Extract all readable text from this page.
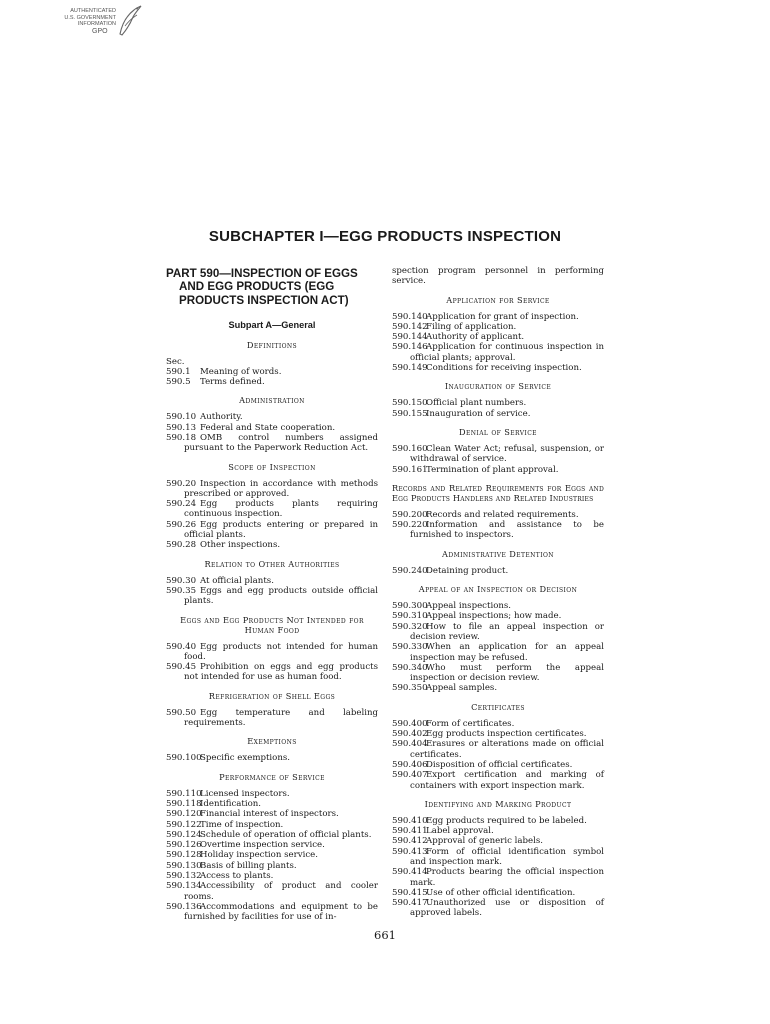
AUTHENTICATED
U.S. GOVERNMENT
INFORMATION
GPO
SUBCHAPTER I—EGG PRODUCTS INSPECTION
PART 590—INSPECTION OF EGGS
AND EGG PRODUCTS (EGG
PRODUCTS INSPECTION ACT)
Subpart A—General
Definitions
Sec.
590.1 Meaning of words.
590.5 Terms defined.
Administration
590.10 Authority.
590.13 Federal and State cooperation.
590.18 OMB control numbers assigned pursuant to the Paperwork Reduction Act.
Scope of Inspection
590.20 Inspection in accordance with methods prescribed or approved.
590.24 Egg products plants requiring continuous inspection.
590.26 Egg products entering or prepared in official plants.
590.28 Other inspections.
Relation to Other Authorities
590.30 At official plants.
590.35 Eggs and egg products outside official plants.
Eggs and Egg Products Not Intended for Human Food
590.40 Egg products not intended for human food.
590.45 Prohibition on eggs and egg products not intended for use as human food.
Refrigeration of Shell Eggs
590.50 Egg temperature and labeling requirements.
Exemptions
590.100Specific exemptions.
Performance of Service
590.110Licensed inspectors.
590.118Identification.
590.120Financial interest of inspectors.
590.122Time of inspection.
590.124Schedule of operation of official plants.
590.126Overtime inspection service.
590.128Holiday inspection service.
590.130Basis of billing plants.
590.132Access to plants.
590.134Accessibility of product and cooler rooms.
590.136Accommodations and equipment to be furnished by facilities for use of in-
spection program personnel in performing service.
Application for Service
590.140Application for grant of inspection.
590.142Filing of application.
590.144Authority of applicant.
590.146Application for continuous inspection in official plants; approval.
590.149Conditions for receiving inspection.
Inauguration of Service
590.150Official plant numbers.
590.155Inauguration of service.
Denial of Service
590.160Clean Water Act; refusal, suspension, or withdrawal of service.
590.161Termination of plant approval.
Records and Related Requirements for Eggs and Egg Products Handlers and Related Industries
590.200Records and related requirements.
590.220Information and assistance to be furnished to inspectors.
Administrative Detention
590.240Detaining product.
Appeal of an Inspection or Decision
590.300Appeal inspections.
590.310Appeal inspections; how made.
590.320How to file an appeal inspection or decision review.
590.330When an application for an appeal inspection may be refused.
590.340Who must perform the appeal inspection or decision review.
590.350Appeal samples.
Certificates
590.400Form of certificates.
590.402Egg products inspection certificates.
590.404Erasures or alterations made on official certificates.
590.406Disposition of official certificates.
590.407Export certification and marking of containers with export inspection mark.
Identifying and Marking Product
590.410Egg products required to be labeled.
590.411Label approval.
590.412Approval of generic labels.
590.413Form of official identification symbol and inspection mark.
590.414Products bearing the official inspection mark.
590.415Use of other official identification.
590.417Unauthorized use or disposition of approved labels.
661
